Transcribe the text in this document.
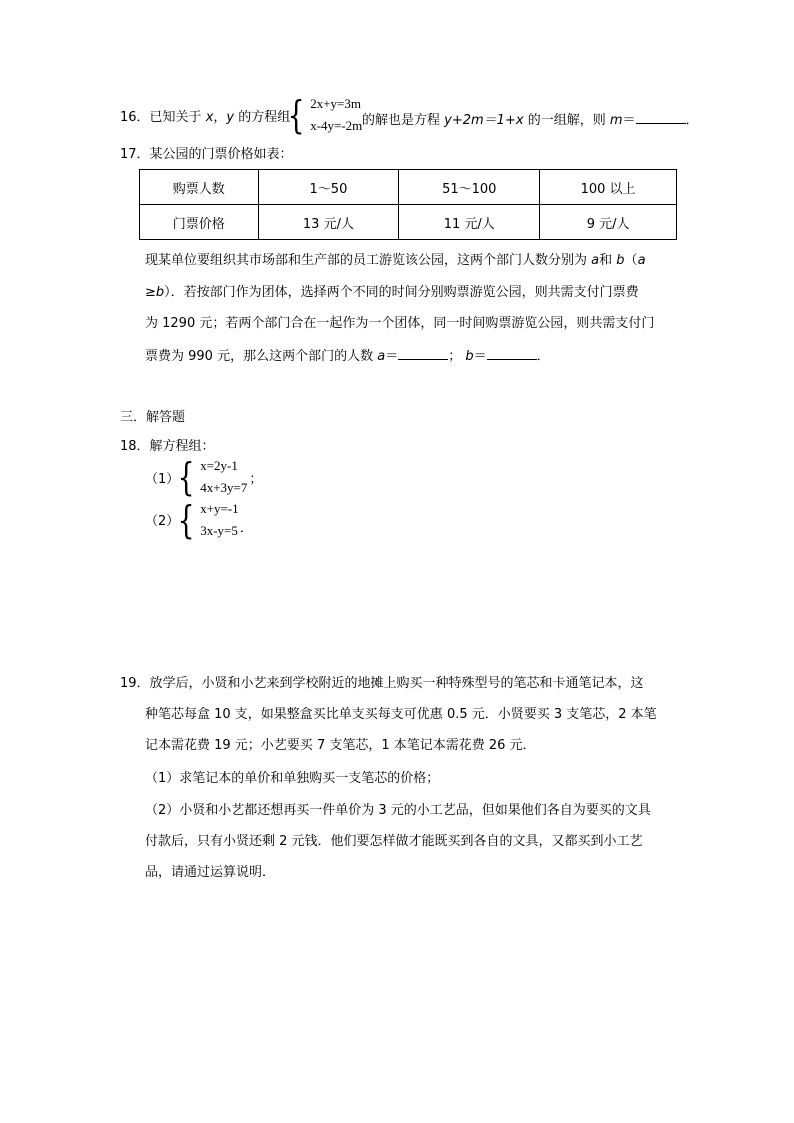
16．已知关于 x，y 的方程组
{ 2x+y=3m
x-4y=-2m 的解也是方程 y+2m＝1+x 的一组解，则 m＝	．
17．某公园的门票价格如表：
购票人数	1～50	51～100	100 以上
门票价格	13 元/人	11 元/人	9 元/人
现某单位要组织其市场部和生产部的员工游览该公园，这两个部门人数分别为 a和 b（a
≥b）．若按部门作为团体，选择两个不同的时间分别购票游览公园，则共需支付门票费
为 1290 元；若两个部门合在一起作为一个团体，同一时间购票游览公园，则共需支付门
票费为 990 元，那么这两个部门的人数 a＝	； b＝	．
三．解答题
18．解方程组：
（1）
{ x=2y-1
4x+3y=7
；
（2）
{ x+y=-1
3x-y=5 ．
19．放学后，小贤和小艺来到学校附近的地摊上购买一种特殊型号的笔芯和卡通笔记本，这
种笔芯每盒 10 支，如果整盒买比单支买每支可优惠 0.5 元．小贤要买 3 支笔芯，2 本笔
记本需花费 19 元；小艺要买 7 支笔芯，1 本笔记本需花费 26 元．
（1）求笔记本的单价和单独购买一支笔芯的价格；
（2）小贤和小艺都还想再买一件单价为 3 元的小工艺品，但如果他们各自为要买的文具
付款后，只有小贤还剩 2 元钱．他们要怎样做才能既买到各自的文具，又都买到小工艺
品，请通过运算说明．
